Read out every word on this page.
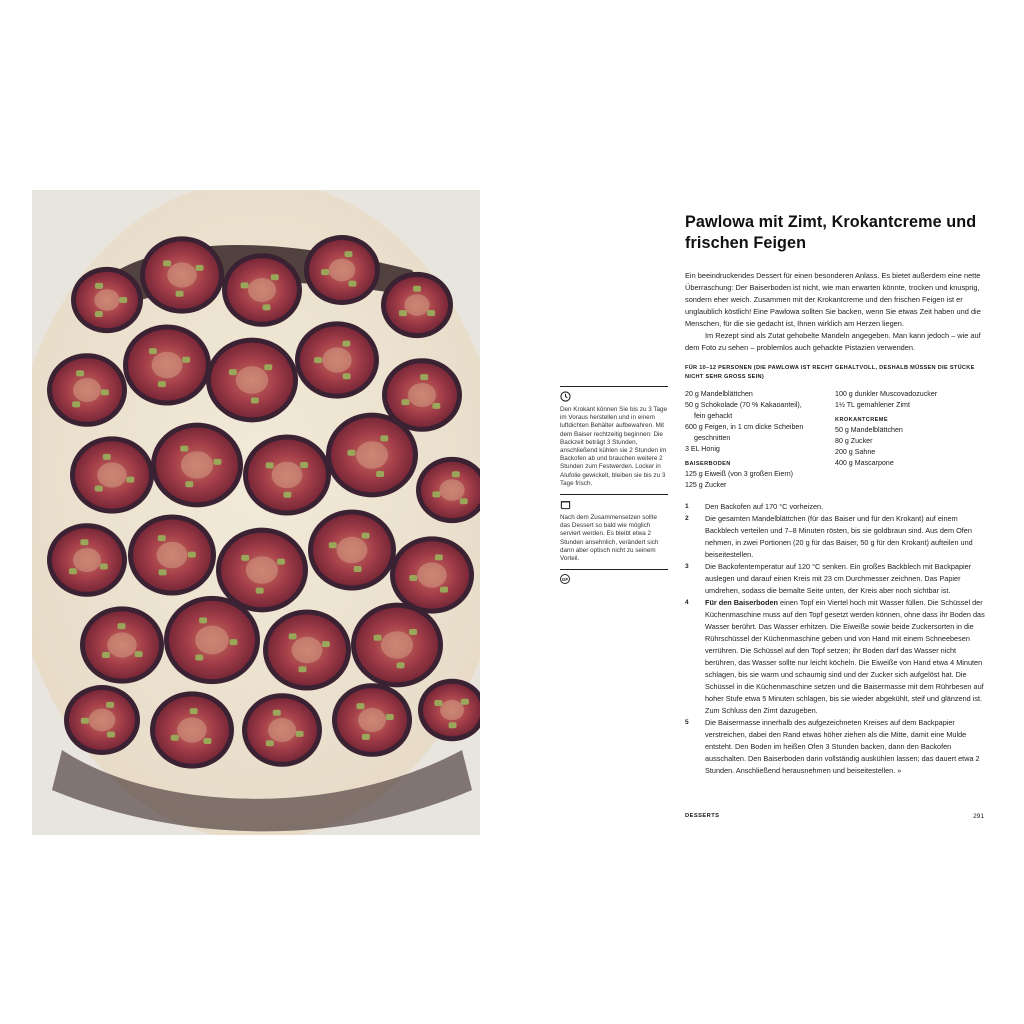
Den Krokant können Sie bis zu 3 Tage im Voraus herstellen und in einem luftdichten Behälter aufbewahren. Mit dem Baiser rechtzeitig beginnen: Die Backzeit beträgt 3 Stunden, anschließend kühlen sie 2 Stunden im Backofen ab und brauchen weitere 2 Stunden zum Festwerden. Locker in Alufolie gewickelt, bleiben sie bis zu 3 Tage frisch.

Nach dem Zusammensetzen sollte das Dessert so bald wie möglich serviert werden. Es bleibt etwa 2 Stunden ansehnlich, verändert sich dann aber optisch nicht zu seinem Vorteil.

GF
Pawlowa mit Zimt, Krokantcreme und frischen Feigen

Ein beeindruckendes Dessert für einen besonderen Anlass. Es bietet außerdem eine nette Überraschung: Der Baiserboden ist nicht, wie man erwarten könnte, trocken und knusprig, sondern eher weich. Zusammen mit der Krokantcreme und den frischen Feigen ist er unglaublich köstlich! Eine Pawlowa sollten Sie backen, wenn Sie etwas Zeit haben und die Menschen, für die sie gedacht ist, Ihnen wirklich am Herzen liegen.

Im Rezept sind als Zutat gehobelte Mandeln angegeben. Man kann jedoch – wie auf dem Foto zu sehen – problemlos auch gehackte Pistazien verwenden.

FÜR 10–12 PERSONEN (DIE PAWLOWA IST RECHT GEHALTVOLL, DESHALB MÜSSEN DIE STÜCKE NICHT SEHR GROSS SEIN)

20 g Mandelblättchen

50 g Schokolade (70 % Kakaoanteil),

fein gehackt

600 g Feigen, in 1 cm dicke Scheiben

geschnitten

3 EL Honig

BAISERBODEN

125 g Eiweiß (von 3 großen Eiern)

125 g Zucker

100 g dunkler Muscovadozucker

1½ TL gemahlener Zimt

KROKANTCREME

50 g Mandelblättchen

80 g Zucker

200 g Sahne

400 g Mascarpone

1	Den Backofen auf 170 °C vorheizen.
2	Die gesamten Mandelblättchen (für das Baiser und für den Krokant) auf einem Backblech verteilen und 7–8 Minuten rösten, bis sie goldbraun sind. Aus dem Ofen nehmen, in zwei Portionen (20 g für das Baiser, 50 g für den Krokant) aufteilen und beiseitestellen.
3	Die Backofentemperatur auf 120 °C senken. Ein großes Backblech mit Backpapier auslegen und darauf einen Kreis mit 23 cm Durchmesser zeichnen. Das Papier umdrehen, sodass die bemalte Seite unten, der Kreis aber noch sichtbar ist.
4	Für den Baiserboden einen Topf ein Viertel hoch mit Wasser füllen. Die Schüssel der Küchenmaschine muss auf den Topf gesetzt werden können, ohne dass ihr Boden das Wasser berührt. Das Wasser erhitzen. Die Eiweiße sowie beide Zuckersorten in die Rührschüssel der Küchenmaschine geben und von Hand mit einem Schneebesen verrühren. Die Schüssel auf den Topf setzen; ihr Boden darf das Wasser nicht berühren, das Wasser sollte nur leicht köcheln. Die Eiweiße von Hand etwa 4 Minuten schlagen, bis sie warm und schaumig sind und der Zucker sich aufgelöst hat. Die Schüssel in die Küchenmaschine setzen und die Baisermasse mit dem Rührbesen auf hoher Stufe etwa 5 Minuten schlagen, bis sie wieder abgekühlt, steif und glänzend ist. Zum Schluss den Zimt dazugeben.
5	Die Baisermasse innerhalb des aufgezeichneten Kreises auf dem Backpapier verstreichen, dabei den Rand etwas höher ziehen als die Mitte, damit eine Mulde entsteht. Den Boden im heißen Ofen 3 Stunden backen, dann den Backofen ausschalten. Den Baiserboden darin vollständig auskühlen lassen; das dauert etwa 2 Stunden. Anschließend herausnehmen und beiseitestellen. »
DESSERTS	291
